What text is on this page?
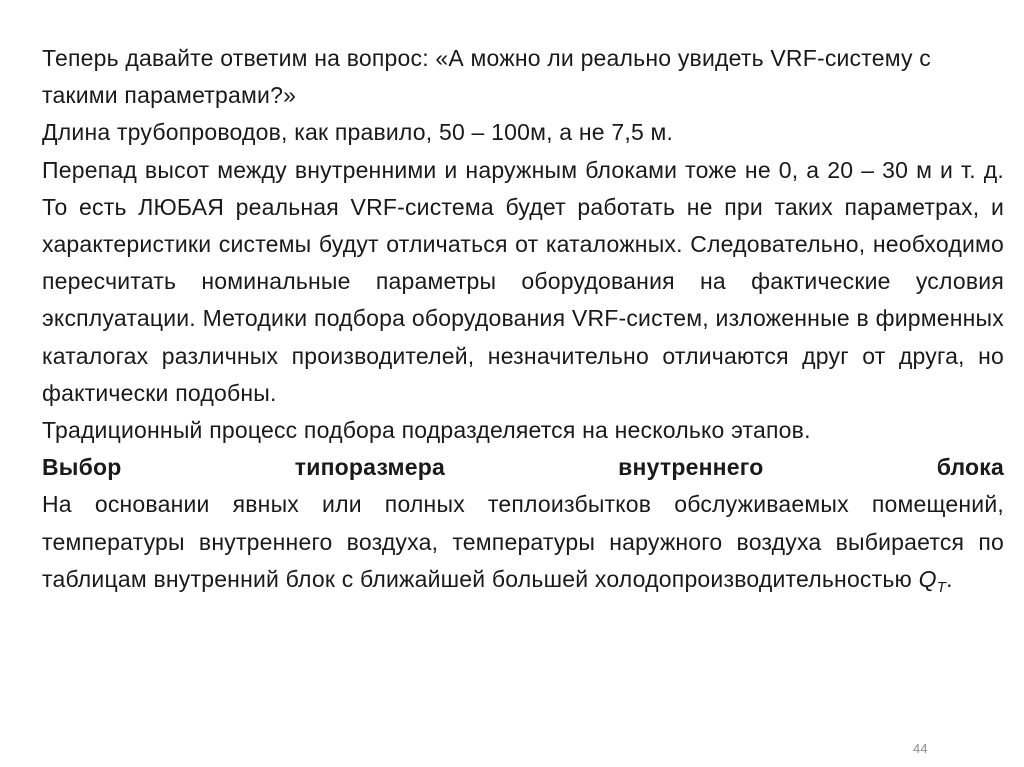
Теперь давайте ответим на вопрос: «А можно ли реально увидеть VRF-систему с такими параметрами?»

Длина трубопроводов, как правило, 50 – 100м, а не 7,5 м.

Перепад высот между внутренними и наружным блоками тоже не 0, а 20 – 30 м и т. д. То есть ЛЮБАЯ реальная VRF-система будет работать не при таких параметрах, и характеристики системы будут отличаться от каталожных. Следовательно, необходимо пересчитать номинальные параметры оборудования на фактические условия эксплуатации. Методики подбора оборудования VRF-систем, изложенные в фирменных каталогах различных производителей, незначительно отличаются друг от друга, но фактически подобны.

Традиционный процесс подбора подразделяется на несколько этапов.

Выбор типоразмера внутреннего блока

На основании явных или полных теплоизбытков обслуживаемых помещений, температуры внутреннего воздуха, температуры наружного воздуха выбирается по таблицам внутренний блок с ближайшей большей холодопроизводительностью $Q_T$.

44
